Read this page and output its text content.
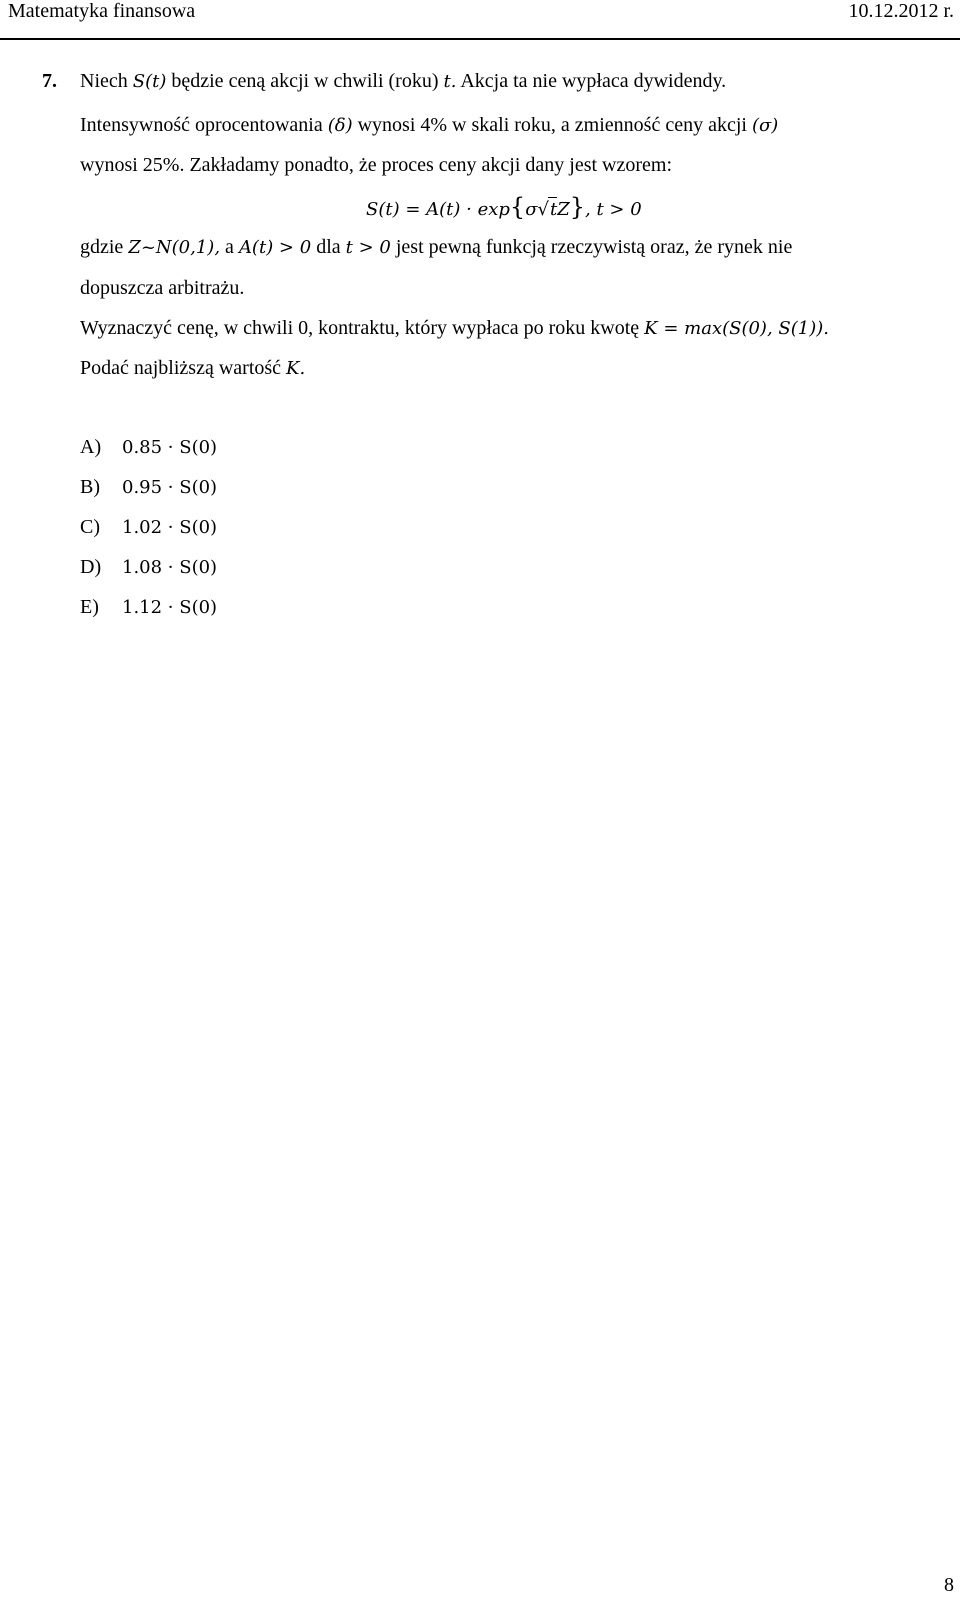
Matematyka finansowa	10.12.2012 r.
7. Niech S(t) będzie ceną akcji w chwili (roku) t. Akcja ta nie wypłaca dywidendy.
Intensywność oprocentowania (δ) wynosi 4% w skali roku, a zmienność ceny akcji (σ)
wynosi 25%. Zakładamy ponadto, że proces ceny akcji dany jest wzorem:
S(t) = A(t) · exp{σ√tZ}, t > 0
gdzie Z~N(0,1), a A(t) > 0 dla t > 0 jest pewną funkcją rzeczywistą oraz, że rynek nie
dopuszcza arbitrażu.
Wyznaczyć cenę, w chwili 0, kontraktu, który wypłaca po roku kwotę K = max(S(0), S(1)).
Podać najbliższą wartość K.
A) 0.85 · S(0)
B) 0.95 · S(0)
C) 1.02 · S(0)
D) 1.08 · S(0)
E) 1.12 · S(0)
8
